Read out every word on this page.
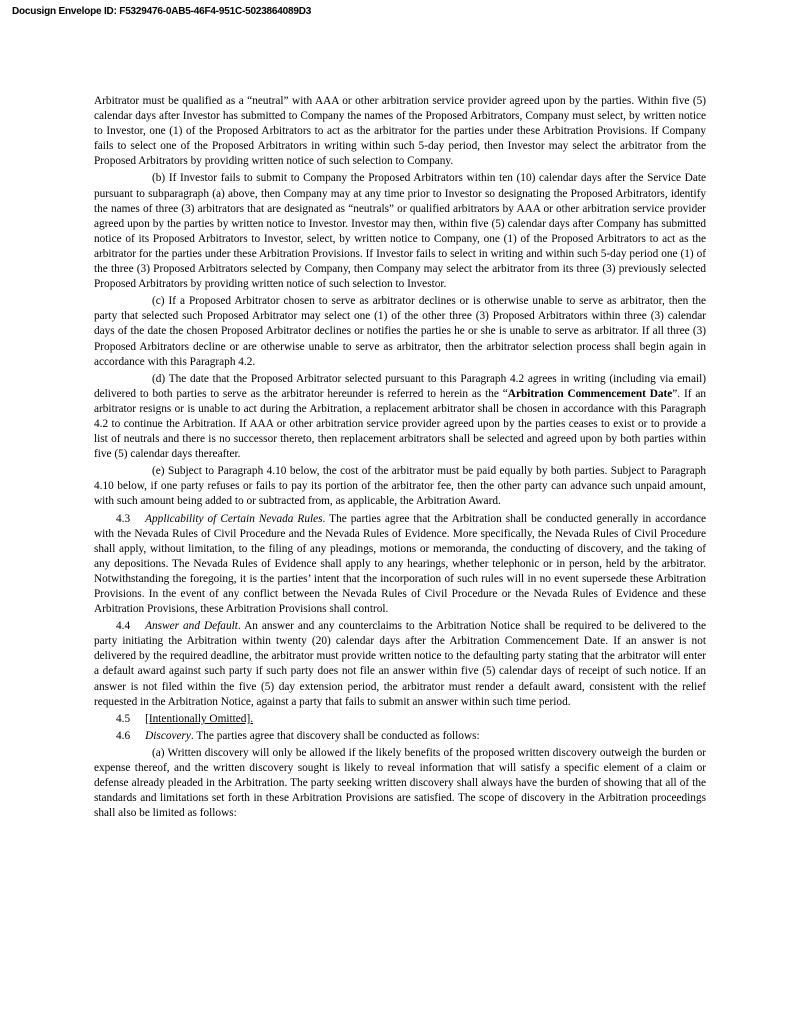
Docusign Envelope ID: F5329476-0AB5-46F4-951C-5023864089D3

Arbitrator must be qualified as a “neutral” with AAA or other arbitration service provider agreed upon by the parties. Within five (5) calendar days after Investor has submitted to Company the names of the Proposed Arbitrators, Company must select, by written notice to Investor, one (1) of the Proposed Arbitrators to act as the arbitrator for the parties under these Arbitration Provisions. If Company fails to select one of the Proposed Arbitrators in writing within such 5-day period, then Investor may select the arbitrator from the Proposed Arbitrators by providing written notice of such selection to Company.

(b) If Investor fails to submit to Company the Proposed Arbitrators within ten (10) calendar days after the Service Date pursuant to subparagraph (a) above, then Company may at any time prior to Investor so designating the Proposed Arbitrators, identify the names of three (3) arbitrators that are designated as “neutrals” or qualified arbitrators by AAA or other arbitration service provider agreed upon by the parties by written notice to Investor. Investor may then, within five (5) calendar days after Company has submitted notice of its Proposed Arbitrators to Investor, select, by written notice to Company, one (1) of the Proposed Arbitrators to act as the arbitrator for the parties under these Arbitration Provisions. If Investor fails to select in writing and within such 5-day period one (1) of the three (3) Proposed Arbitrators selected by Company, then Company may select the arbitrator from its three (3) previously selected Proposed Arbitrators by providing written notice of such selection to Investor.

(c) If a Proposed Arbitrator chosen to serve as arbitrator declines or is otherwise unable to serve as arbitrator, then the party that selected such Proposed Arbitrator may select one (1) of the other three (3) Proposed Arbitrators within three (3) calendar days of the date the chosen Proposed Arbitrator declines or notifies the parties he or she is unable to serve as arbitrator. If all three (3) Proposed Arbitrators decline or are otherwise unable to serve as arbitrator, then the arbitrator selection process shall begin again in accordance with this Paragraph 4.2.

(d) The date that the Proposed Arbitrator selected pursuant to this Paragraph 4.2 agrees in writing (including via email) delivered to both parties to serve as the arbitrator hereunder is referred to herein as the “Arbitration Commencement Date”. If an arbitrator resigns or is unable to act during the Arbitration, a replacement arbitrator shall be chosen in accordance with this Paragraph 4.2 to continue the Arbitration. If AAA or other arbitration service provider agreed upon by the parties ceases to exist or to provide a list of neutrals and there is no successor thereto, then replacement arbitrators shall be selected and agreed upon by both parties within five (5) calendar days thereafter.

(e) Subject to Paragraph 4.10 below, the cost of the arbitrator must be paid equally by both parties. Subject to Paragraph 4.10 below, if one party refuses or fails to pay its portion of the arbitrator fee, then the other party can advance such unpaid amount, with such amount being added to or subtracted from, as applicable, the Arbitration Award.

4.3 Applicability of Certain Nevada Rules. The parties agree that the Arbitration shall be conducted generally in accordance with the Nevada Rules of Civil Procedure and the Nevada Rules of Evidence. More specifically, the Nevada Rules of Civil Procedure shall apply, without limitation, to the filing of any pleadings, motions or memoranda, the conducting of discovery, and the taking of any depositions. The Nevada Rules of Evidence shall apply to any hearings, whether telephonic or in person, held by the arbitrator. Notwithstanding the foregoing, it is the parties’ intent that the incorporation of such rules will in no event supersede these Arbitration Provisions. In the event of any conflict between the Nevada Rules of Civil Procedure or the Nevada Rules of Evidence and these Arbitration Provisions, these Arbitration Provisions shall control.

4.4 Answer and Default. An answer and any counterclaims to the Arbitration Notice shall be required to be delivered to the party initiating the Arbitration within twenty (20) calendar days after the Arbitration Commencement Date. If an answer is not delivered by the required deadline, the arbitrator must provide written notice to the defaulting party stating that the arbitrator will enter a default award against such party if such party does not file an answer within five (5) calendar days of receipt of such notice. If an answer is not filed within the five (5) day extension period, the arbitrator must render a default award, consistent with the relief requested in the Arbitration Notice, against a party that fails to submit an answer within such time period.

4.5 [Intentionally Omitted].

4.6 Discovery. The parties agree that discovery shall be conducted as follows:

(a) Written discovery will only be allowed if the likely benefits of the proposed written discovery outweigh the burden or expense thereof, and the written discovery sought is likely to reveal information that will satisfy a specific element of a claim or defense already pleaded in the Arbitration. The party seeking written discovery shall always have the burden of showing that all of the standards and limitations set forth in these Arbitration Provisions are satisfied. The scope of discovery in the Arbitration proceedings shall also be limited as follows:
